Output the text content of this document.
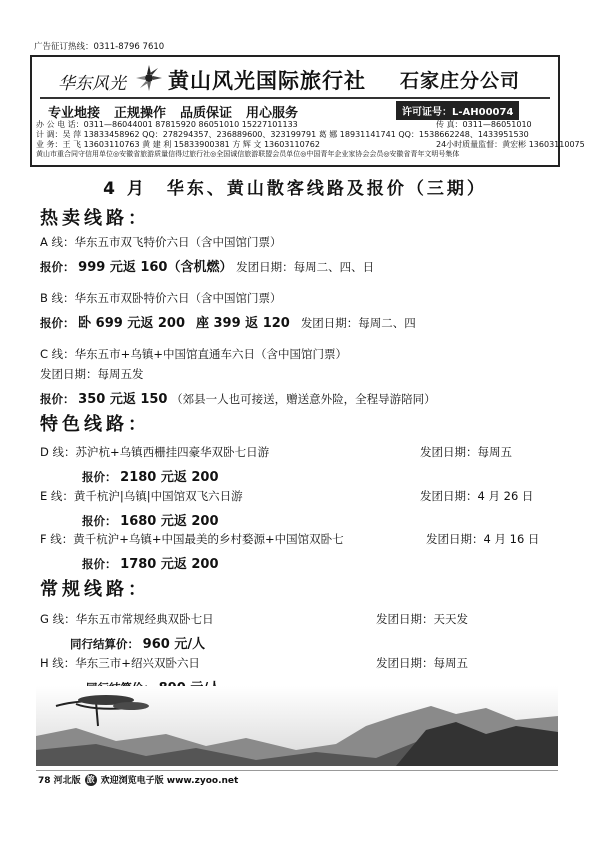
广告征订热线：0311-8796 7610
华东风光 黄山风光国际旅行社 石家庄分公司
专业地接 正规操作 品质保证 用心服务	许可证号：L-AH00074
办 公 电 话：0311—86044001 87815920 86051010 15227101133	传 真：0311—86051010
计 调：吴 萍 13833458962 QQ：278294357、236889600、323199791 葛 娜 18931141741 QQ：1538662248、1433951530
业 务：王 飞 13603110763 黄 建 利 15833900381 方 辉 文 13603110762	24小时质量监督：黄宏彬 13603110075
黄山市重合同守信用单位◎安徽省旅游质量信得过旅行社◎全国诚信旅游联盟会员单位◎中国青年企业家协会会员◎安徽省青年文明号集体
4 月　华东、黄山散客线路及报价（三期）
热卖线路：
A 线：华东五市双飞特价六日（含中国馆门票）
报价： 999 元返 160（含机燃） 发团日期：每周二、四、日
B 线：华东五市双卧特价六日（含中国馆门票）
报价： 卧 699 元返 200 座 399 返 120 发团日期：每周二、四
C 线：华东五市+乌镇+中国馆直通车六日（含中国馆门票）
发团日期：每周五发
报价： 350 元返 150 （郊县一人也可接送，赠送意外险，全程导游陪同）
特色线路：
D 线：苏沪杭+乌镇西栅挂四豪华双卧七日游	发团日期：每周五
报价： 2180 元返 200
E 线：黄千杭沪|乌镇|中国馆双飞六日游	发团日期：4 月 26 日
报价： 1680 元返 200
F 线：黄千杭沪+乌镇+中国最美的乡村婺源+中国馆双卧七	发团日期：4 月 16 日
报价： 1780 元返 200
常规线路：
G 线：华东五市常规经典双卧七日	发团日期：天天发
同行结算价： 960 元/人
H 线：华东三市+绍兴双卧六日	发团日期：每周五
78 河北版 旅 欢迎浏览电子版 www.zyoo.net
